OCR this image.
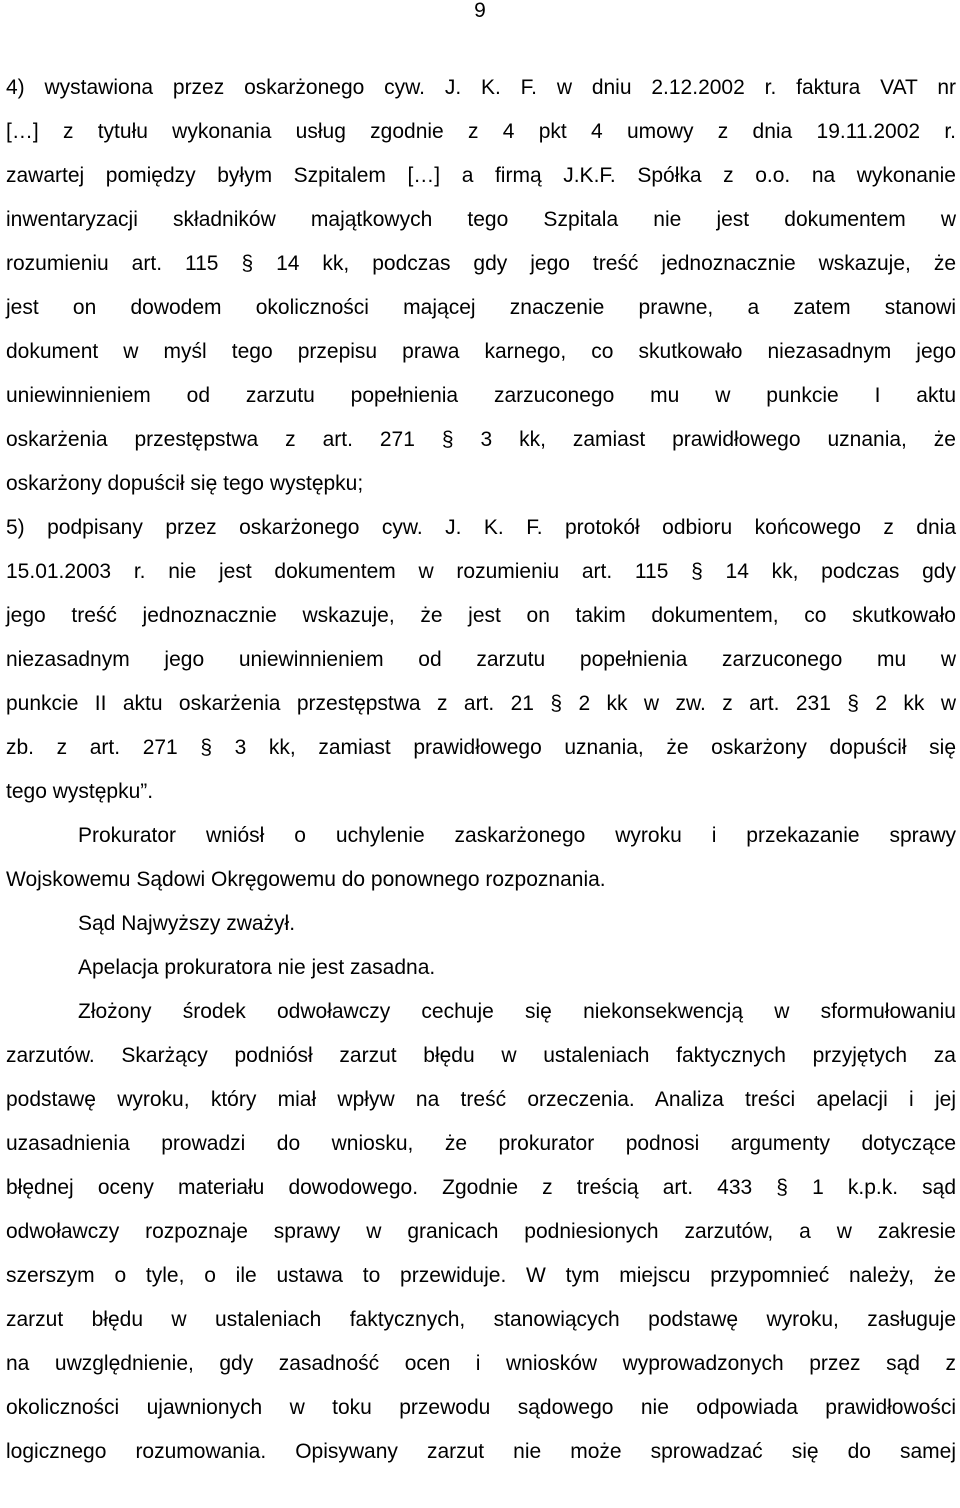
9
4) wystawiona przez oskarżonego cyw. J. K. F. w dniu 2.12.2002 r. faktura VAT nr
[…] z tytułu wykonania usług zgodnie z 4 pkt 4 umowy z dnia 19.11.2002 r.
zawartej pomiędzy byłym Szpitalem […] a firmą J.K.F. Spółka z o.o. na wykonanie
inwentaryzacji składników majątkowych tego Szpitala nie jest dokumentem w
rozumieniu art. 115 § 14 kk, podczas gdy jego treść jednoznacznie wskazuje, że
jest on dowodem okoliczności mającej znaczenie prawne, a zatem stanowi
dokument w myśl tego przepisu prawa karnego, co skutkowało niezasadnym jego
uniewinnieniem od zarzutu popełnienia zarzuconego mu w punkcie I aktu
oskarżenia przestępstwa z art. 271 § 3 kk, zamiast prawidłowego uznania, że
oskarżony dopuścił się tego występku;
5) podpisany przez oskarżonego cyw. J. K. F. protokół odbioru końcowego z dnia
15.01.2003 r. nie jest dokumentem w rozumieniu art. 115 § 14 kk, podczas gdy
jego treść jednoznacznie wskazuje, że jest on takim dokumentem, co skutkowało
niezasadnym jego uniewinnieniem od zarzutu popełnienia zarzuconego mu w
punkcie II aktu oskarżenia przestępstwa z art. 21 § 2 kk w zw. z art. 231 § 2 kk w
zb. z art. 271 § 3 kk, zamiast prawidłowego uznania, że oskarżony dopuścił się
tego występku”.
Prokurator wniósł o uchylenie zaskarżonego wyroku i przekazanie sprawy
Wojskowemu Sądowi Okręgowemu do ponownego rozpoznania.
Sąd Najwyższy zważył.
Apelacja prokuratora nie jest zasadna.
Złożony środek odwoławczy cechuje się niekonsekwencją w sformułowaniu
zarzutów. Skarżący podniósł zarzut błędu w ustaleniach faktycznych przyjętych za
podstawę wyroku, który miał wpływ na treść orzeczenia. Analiza treści apelacji i jej
uzasadnienia prowadzi do wniosku, że prokurator podnosi argumenty dotyczące
błędnej oceny materiału dowodowego. Zgodnie z treścią art. 433 § 1 k.p.k. sąd
odwoławczy rozpoznaje sprawy w granicach podniesionych zarzutów, a w zakresie
szerszym o tyle, o ile ustawa to przewiduje. W tym miejscu przypomnieć należy, że
zarzut błędu w ustaleniach faktycznych, stanowiących podstawę wyroku, zasługuje
na uwzględnienie, gdy zasadność ocen i wniosków wyprowadzonych przez sąd z
okoliczności ujawnionych w toku przewodu sądowego nie odpowiada prawidłowości
logicznego rozumowania. Opisywany zarzut nie może sprowadzać się do samej
